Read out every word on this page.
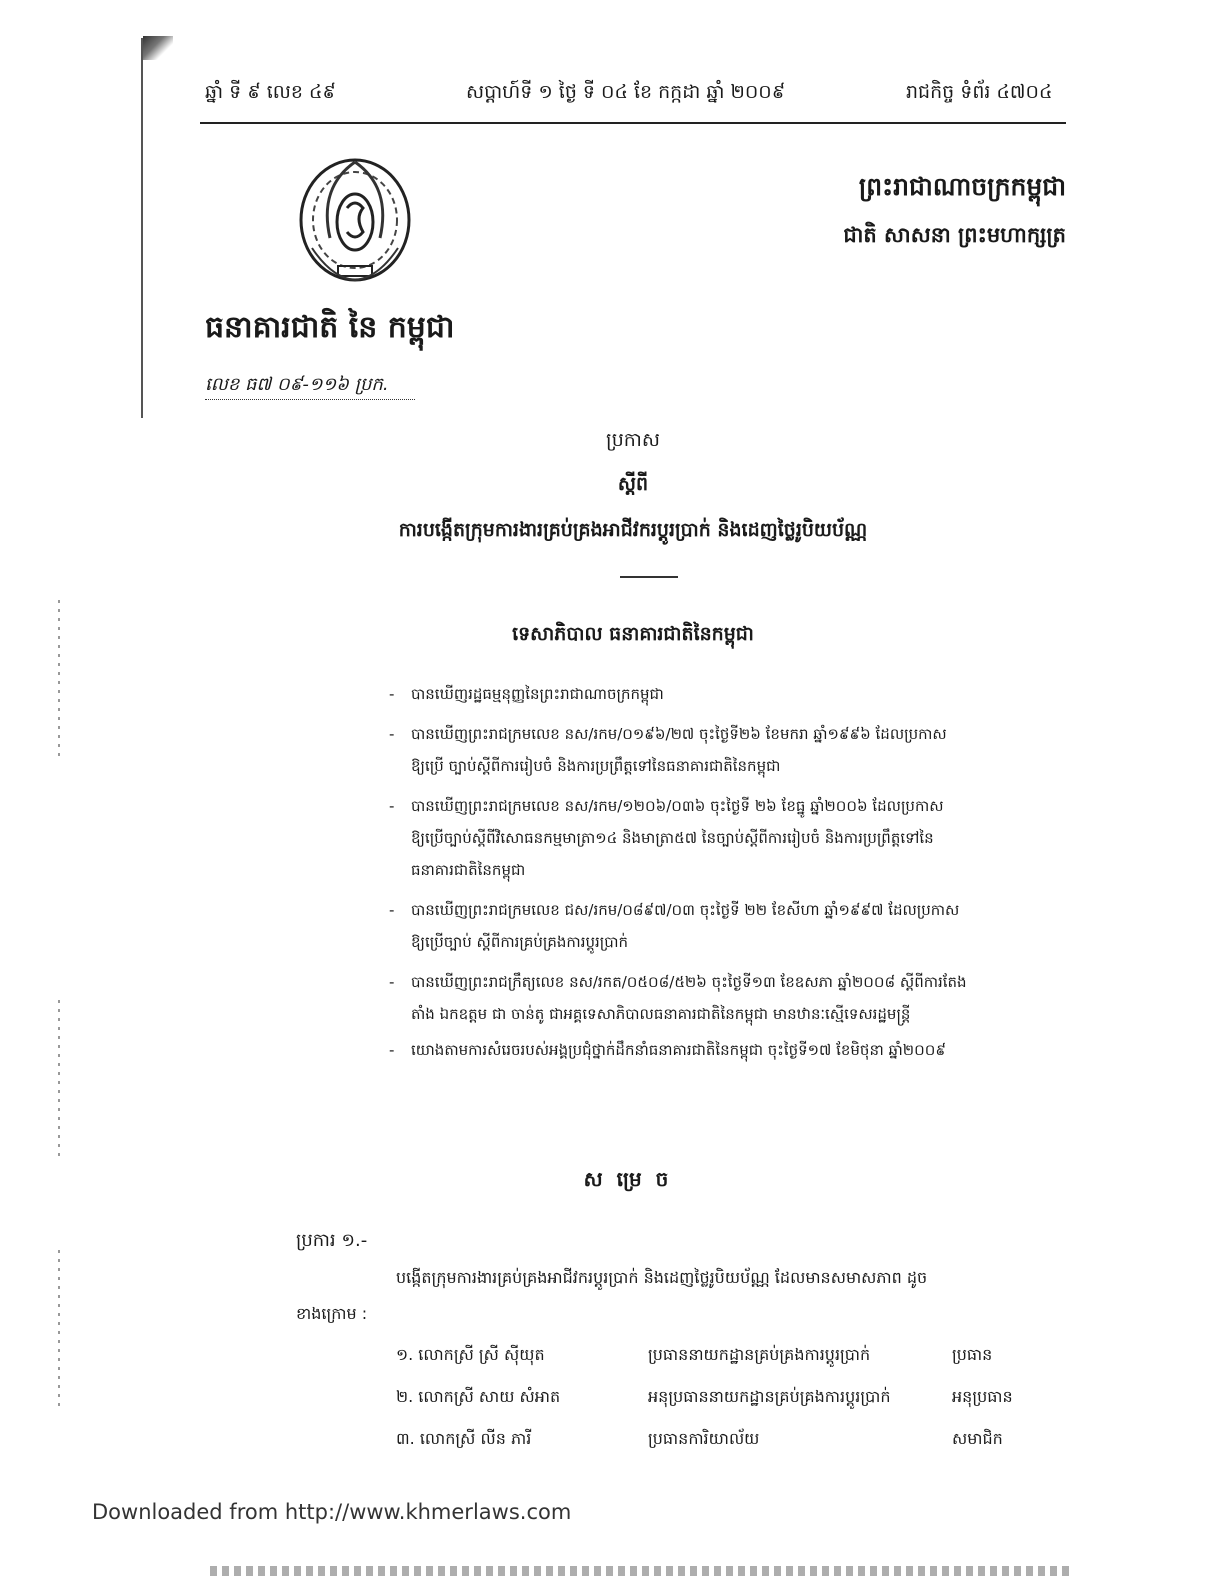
ឆ្នាំ ទី ៩ លេខ ៤៩	សប្តាហ៍ទី ១ ថ្ងៃ ទី ០៤ ខែ កក្កដា ឆ្នាំ ២០០៩	រាជកិច្ច ទំព័រ ៤៧០៤
ព្រះរាជាណាចក្រកម្ពុជា
ជាតិ សាសនា ព្រះមហាក្សត្រ
ធនាគារជាតិ នៃ កម្ពុជា
លេខ ធ៧ ០៩-១១៦ ប្រក.
ប្រកាស
ស្តីពី
ការបង្កើតក្រុមការងារគ្រប់គ្រងអាជីវករប្តូរប្រាក់ និងដេញថ្លៃរូបិយប័ណ្ណ
ទេសាភិបាល ធនាគារជាតិនៃកម្ពុជា
- បានឃើញរដ្ឋធម្មនុញ្ញនៃព្រះរាជាណាចក្រកម្ពុជា
- បានឃើញព្រះរាជក្រមលេខ នស/រកម/០១៩៦/២៧ ចុះថ្ងៃទី២៦ ខែមករា ឆ្នាំ១៩៩៦ ដែលប្រកាស
ឱ្យប្រើ ច្បាប់ស្តីពីការរៀបចំ និងការប្រព្រឹត្តទៅនៃធនាគារជាតិនៃកម្ពុជា
- បានឃើញព្រះរាជក្រមលេខ នស/រកម/១២០៦/០៣៦ ចុះថ្ងៃទី ២៦ ខែធ្នូ ឆ្នាំ២០០៦ ដែលប្រកាស
ឱ្យប្រើច្បាប់ស្តីពីវិសោធនកម្មមាត្រា១៤ និងមាត្រា៥៧ នៃច្បាប់ស្តីពីការរៀបចំ និងការប្រព្រឹត្តទៅនៃ
ធនាគារជាតិនៃកម្ពុជា
- បានឃើញព្រះរាជក្រមលេខ ជស/រកម/០៨៩៧/០៣ ចុះថ្ងៃទី ២២ ខែសីហា ឆ្នាំ១៩៩៧ ដែលប្រកាស
ឱ្យប្រើច្បាប់ ស្តីពីការគ្រប់គ្រងការប្តូរប្រាក់
- បានឃើញព្រះរាជក្រឹត្យលេខ នស/រកត/០៥០៨/៥២៦ ចុះថ្ងៃទី១៣ ខែឧសភា ឆ្នាំ២០០៨ ស្តីពីការតែង
តាំង ឯកឧត្តម ជា ចាន់តូ ជាអគ្គទេសាភិបាលធនាគារជាតិនៃកម្ពុជា មានឋានៈស្មើទេសរដ្ឋមន្ត្រី
- យោងតាមការសំរេចរបស់អង្គប្រជុំថ្នាក់ដឹកនាំធនាគារជាតិនៃកម្ពុជា ចុះថ្ងៃទី១៧ ខែមិថុនា ឆ្នាំ២០០៩
សម្រេច
ប្រការ ១.-
បង្កើតក្រុមការងារគ្រប់គ្រងអាជីវករប្តូរប្រាក់ និងដេញថ្លៃរូបិយប័ណ្ណ ដែលមានសមាសភាព ដូច
ខាងក្រោម :
១. លោកស្រី ស្រី ស៊ីយុត	ប្រធាននាយកដ្ឋានគ្រប់គ្រងការប្តូរប្រាក់	ប្រធាន
២. លោកស្រី សាយ សំអាត	អនុប្រធាននាយកដ្ឋានគ្រប់គ្រងការប្តូរប្រាក់	អនុប្រធាន
៣. លោកស្រី លីន ភារី	ប្រធានការិយាល័យ	សមាជិក
Downloaded from http://www.khmerlaws.com
